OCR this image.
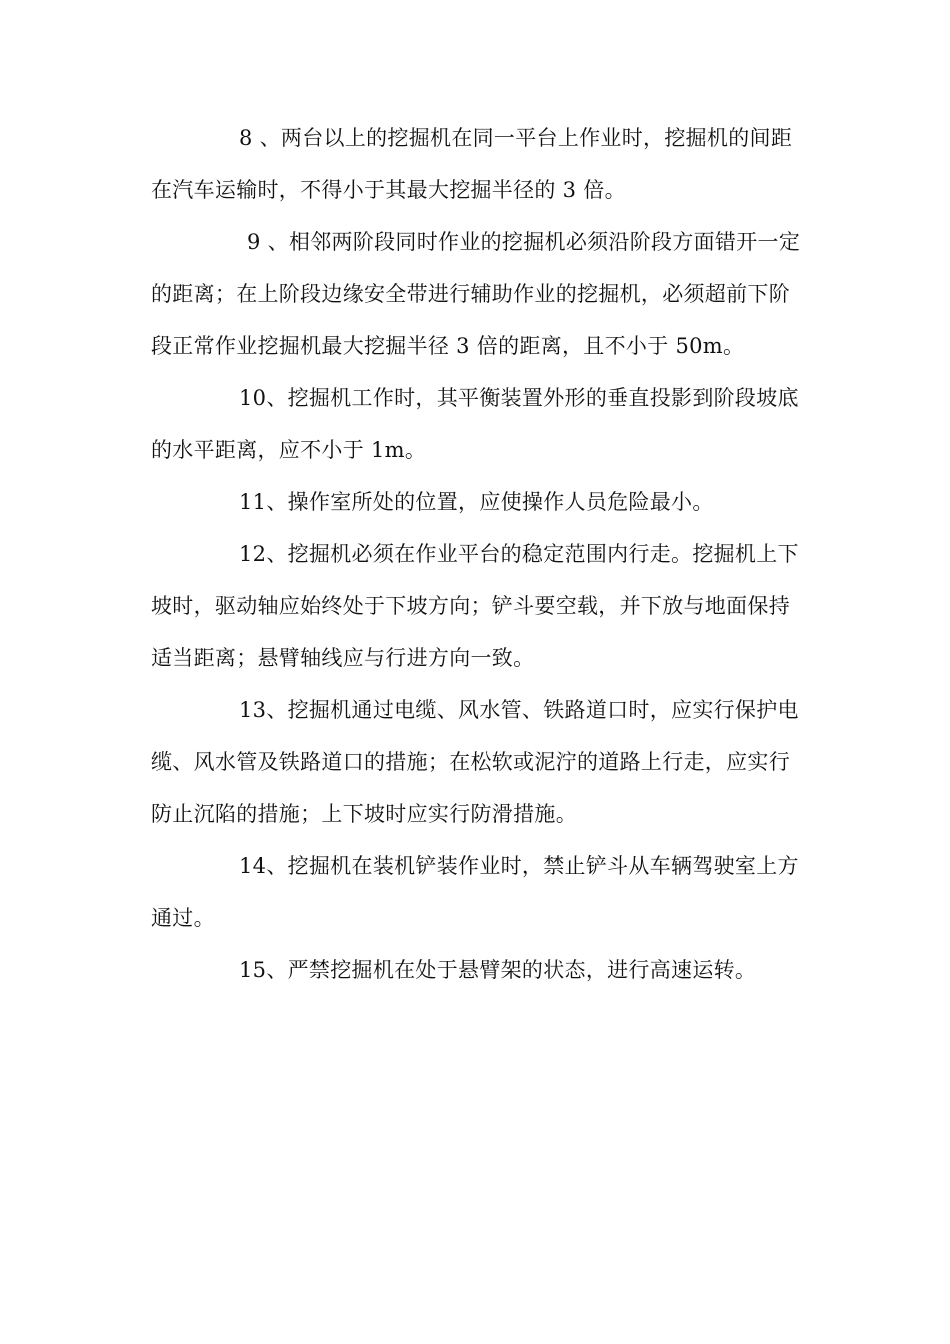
8 、两台以上的挖掘机在同一平台上作业时，挖掘机的间距在汽车运输时，不得小于其最大挖掘半径的 3 倍。

9 、相邻两阶段同时作业的挖掘机必须沿阶段方面错开一定的距离；在上阶段边缘安全带进行辅助作业的挖掘机，必须超前下阶段正常作业挖掘机最大挖掘半径 3 倍的距离，且不小于 50m。

10、挖掘机工作时，其平衡装置外形的垂直投影到阶段坡底的水平距离，应不小于 1m。

11、操作室所处的位置，应使操作人员危险最小。

12、挖掘机必须在作业平台的稳定范围内行走。挖掘机上下坡时，驱动轴应始终处于下坡方向；铲斗要空载，并下放与地面保持适当距离；悬臂轴线应与行进方向一致。

13、挖掘机通过电缆、风水管、铁路道口时，应实行保护电缆、风水管及铁路道口的措施；在松软或泥泞的道路上行走，应实行防止沉陷的措施；上下坡时应实行防滑措施。

14、挖掘机在装机铲装作业时，禁止铲斗从车辆驾驶室上方通过。

15、严禁挖掘机在处于悬臂架的状态，进行高速运转。
